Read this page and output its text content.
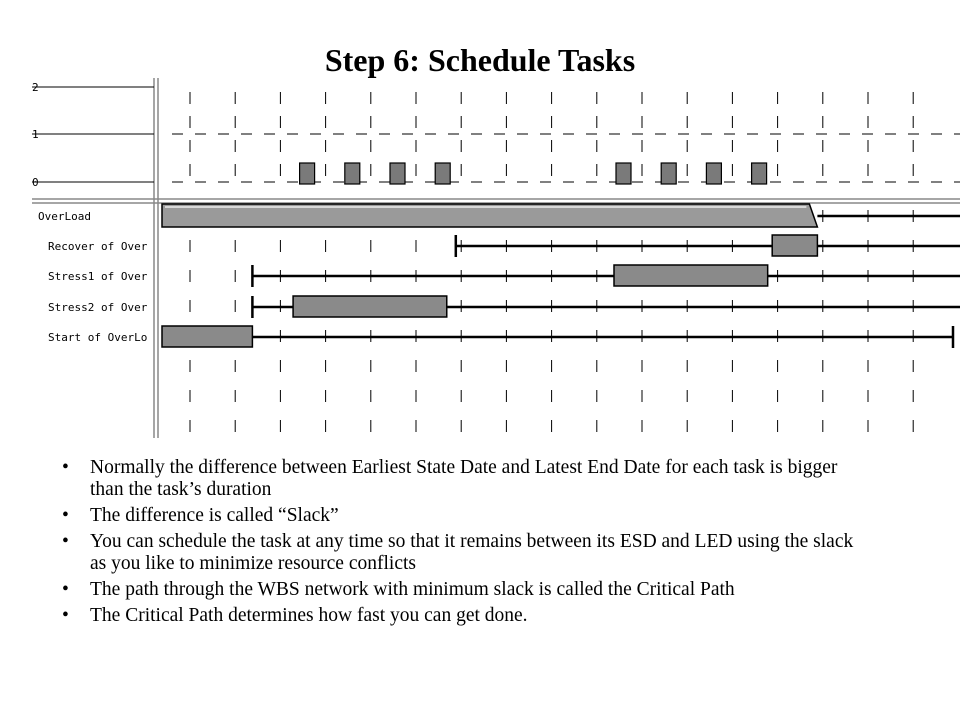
Step 6: Schedule Tasks
2
1
0
OverLoad
Recover of Over
Stress1 of Over
Stress2 of Over
Start of OverLo
• Normally the difference between Earliest State Date and Latest End Date for each task is bigger than the task’s duration
• The difference is called “Slack”
• You can schedule the task at any time so that it remains between its ESD and LED using the slack as you like to minimize resource conflicts
• The path through the WBS network with minimum slack is called the Critical Path
• The Critical Path determines how fast you can get done.
